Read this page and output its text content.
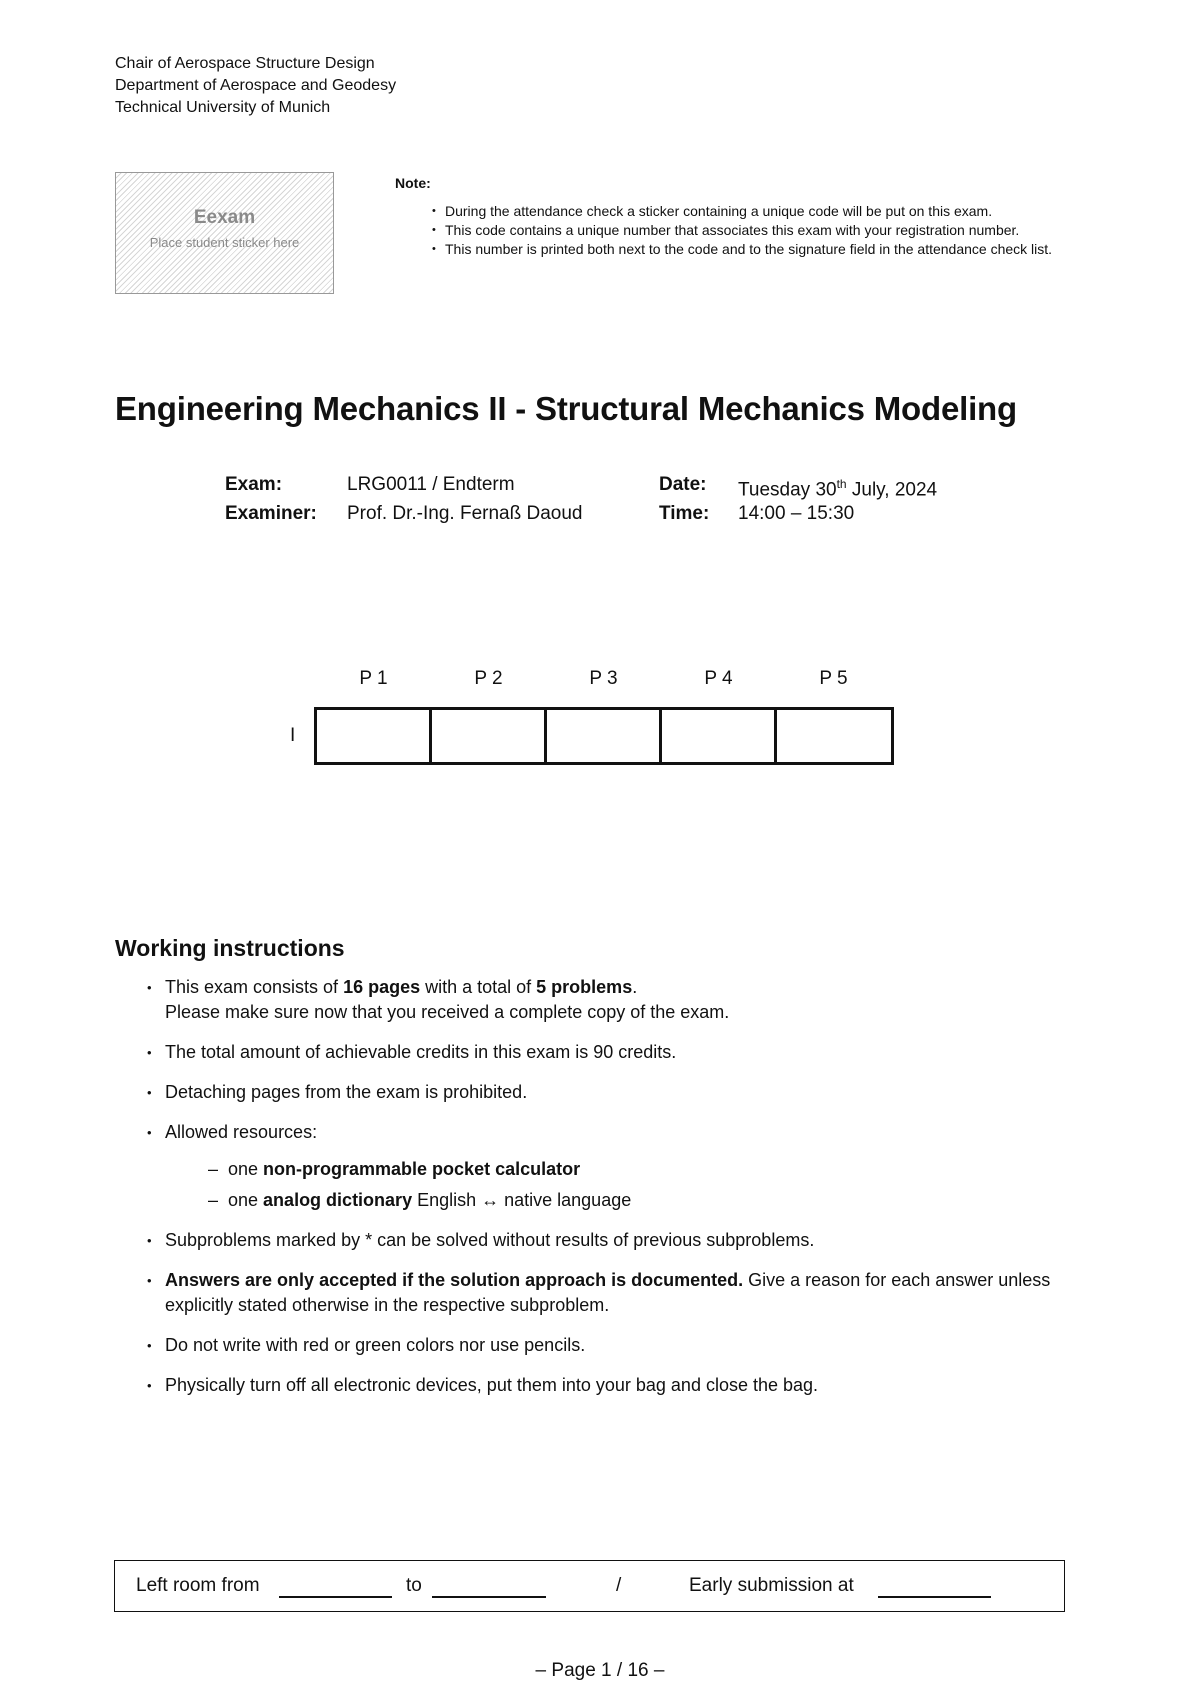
Chair of Aerospace Structure Design
Department of Aerospace and Geodesy
Technical University of Munich
Eexam
Place student sticker here
Note:
• During the attendance check a sticker containing a unique code will be put on this exam.
• This code contains a unique number that associates this exam with your registration number.
• This number is printed both next to the code and to the signature field in the attendance check list.
Engineering Mechanics II - Structural Mechanics Modeling
Exam:	LRG0011 / Endterm	Date: Tuesday 30th July, 2024
Examiner: Prof. Dr.-Ing. Fernaß Daoud	Time: 14:00 – 15:30
P 1	P 2	P 3	P 4	P 5
I
Working instructions
• This exam consists of 16 pages with a total of 5 problems.
Please make sure now that you received a complete copy of the exam.
• The total amount of achievable credits in this exam is 90 credits.
• Detaching pages from the exam is prohibited.
• Allowed resources:
– one non-programmable pocket calculator
– one analog dictionary English ↔ native language
• Subproblems marked by * can be solved without results of previous subproblems.
• Answers are only accepted if the solution approach is documented. Give a reason for each answer unless explicitly stated otherwise in the respective subproblem.
• Do not write with red or green colors nor use pencils.
• Physically turn off all electronic devices, put them into your bag and close the bag.
Left room from	to	/	Early submission at
– Page 1 / 16 –
